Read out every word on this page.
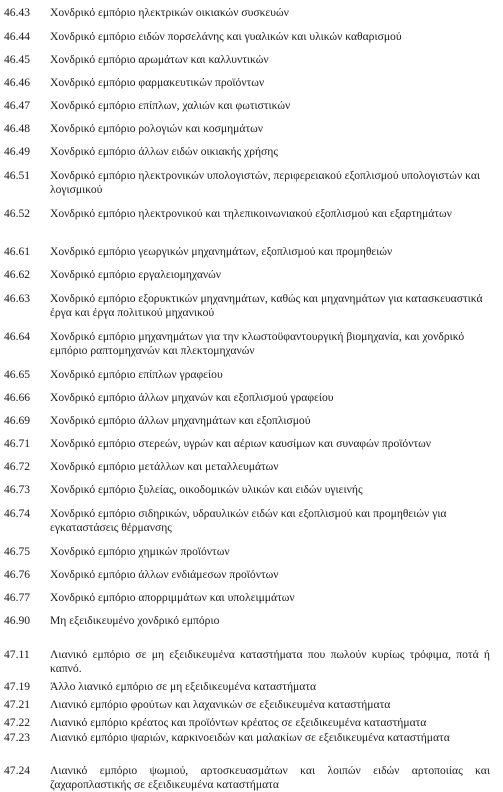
46.43 Χονδρικό εμπόριο ηλεκτρικών οικιακών συσκευών
46.44 Χονδρικό εμπόριο ειδών πορσελάνης και γυαλικών και υλικών καθαρισμού
46.45 Χονδρικό εμπόριο αρωμάτων και καλλυντικών
46.46 Χονδρικό εμπόριο φαρμακευτικών προϊόντων
46.47 Χονδρικό εμπόριο επίπλων, χαλιών και φωτιστικών
46.48 Χονδρικό εμπόριο ρολογιών και κοσμημάτων
46.49 Χονδρικό εμπόριο άλλων ειδών οικιακής χρήσης
46.51 Χονδρικό εμπόριο ηλεκτρονικών υπολογιστών, περιφερειακού εξοπλισμού υπολογιστών και λογισμικού
46.52 Χονδρικό εμπόριο ηλεκτρονικού και τηλεπικοινωνιακού εξοπλισμού και εξαρτημάτων
46.61 Χονδρικό εμπόριο γεωργικών μηχανημάτων, εξοπλισμού και προμηθειών
46.62 Χονδρικό εμπόριο εργαλειομηχανών
46.63 Χονδρικό εμπόριο εξορυκτικών μηχανημάτων, καθώς και μηχανημάτων για κατασκευαστικά έργα και έργα πολιτικού μηχανικού
46.64 Χονδρικό εμπόριο μηχανημάτων για την κλωστοϋφαντουργική βιομηχανία, και χονδρικό εμπόριο ραπτομηχανών και πλεκτομηχανών
46.65 Χονδρικό εμπόριο επίπλων γραφείου
46.66 Χονδρικό εμπόριο άλλων μηχανών και εξοπλισμού γραφείου
46.69 Χονδρικό εμπόριο άλλων μηχανημάτων και εξοπλισμού
46.71 Χονδρικό εμπόριο στερεών, υγρών και αέριων καυσίμων και συναφών προϊόντων
46.72 Χονδρικό εμπόριο μετάλλων και μεταλλευμάτων
46.73 Χονδρικό εμπόριο ξυλείας, οικοδομικών υλικών και ειδών υγιεινής
46.74 Χονδρικό εμπόριο σιδηρικών, υδραυλικών ειδών και εξοπλισμού και προμηθειών για εγκαταστάσεις θέρμανσης
46.75 Χονδρικό εμπόριο χημικών προϊόντων
46.76 Χονδρικό εμπόριο άλλων ενδιάμεσων προϊόντων
46.77 Χονδρικό εμπόριο απορριμμάτων και υπολειμμάτων
46.90 Μη εξειδικευμένο χονδρικό εμπόριο
47.11 Λιανικό εμπόριο σε μη εξειδικευμένα καταστήματα που πωλούν κυρίως τρόφιμα, ποτά ή καπνό.
47.19 Άλλο λιανικό εμπόριο σε μη εξειδικευμένα καταστήματα
47.21 Λιανικό εμπόριο φρούτων και λαχανικών σε εξειδικευμένα καταστήματα
47.22 Λιανικό εμπόριο κρέατος και προϊόντων κρέατος σε εξειδικευμένα καταστήματα
47.23 Λιανικό εμπόριο ψαριών, καρκινοειδών και μαλακίων σε εξειδικευμένα καταστήματα
47.24 Λιανικό εμπόριο ψωμιού, αρτοσκευασμάτων και λοιπών ειδών αρτοποιίας και ζαχαροπλαστικής σε εξειδικευμένα καταστήματα
